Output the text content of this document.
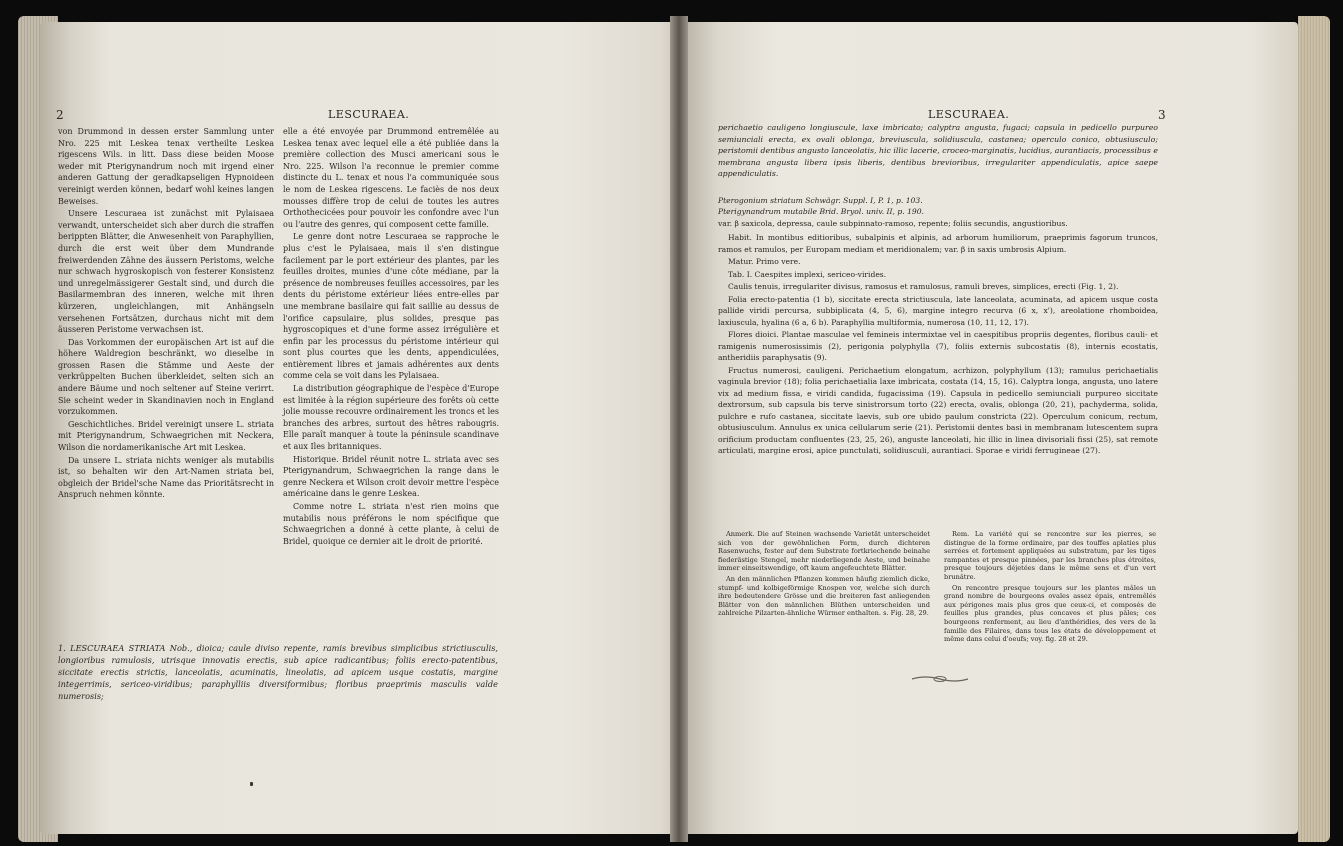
2	LESCURAEA.

von Drummond in dessen erster Sammlung unter Nro. 225 mit Leskea tenax vertheilte Leskea rigescens Wils. in litt. Dass diese beiden Moose weder mit Pterigynandrum noch mit irgend einer anderen Gattung der geradkapseligen Hypnoideen vereinigt werden können, bedarf wohl keines langen Beweises.

Unsere Lescuraea ist zunächst mit Pylaisaea verwandt, unterscheidet sich aber durch die straffen berippten Blätter, die Anwesenheit von Paraphyllien, durch die erst weit über dem Mundrande freiwerdenden Zähne des äussern Peristoms, welche nur schwach hygroskopisch von festerer Konsistenz und unregelmässigerer Gestalt sind, und durch die Basilarmembran des inneren, welche mit ihren kürzeren, ungleichlangen, mit Anhängseln versehenen Fortsätzen, durchaus nicht mit dem äusseren Peristome verwachsen ist.

Das Vorkommen der europäischen Art ist auf die höhere Waldregion beschränkt, wo dieselbe in grossen Rasen die Stämme und Aeste der verkrüppelten Buchen überkleidet, selten sich an andere Bäume und noch seltener auf Steine verirrt. Sie scheint weder in Skandinavien noch in England vorzukommen.

Geschichtliches. Bridel vereinigt unsere L. striata mit Pterigynandrum, Schwaegrichen mit Neckera, Wilson die nordamerikanische Art mit Leskea.

Da unsere L. striata nichts weniger als mutabilis ist, so behalten wir den Art-Namen striata bei, obgleich der Bridel'sche Name das Prioritätsrecht in Anspruch nehmen könnte.

elle a été envoyée par Drummond entremêlée au Leskea tenax avec lequel elle a été publiée dans la première collection des Musci americani sous le Nro. 225. Wilson l'a reconnue le premier comme distincte du L. tenax et nous l'a communiquée sous le nom de Leskea rigescens. Le faciès de nos deux mousses diffère trop de celui de toutes les autres Orthothecicées pour pouvoir les confondre avec l'un ou l'autre des genres, qui composent cette famille.

Le genre dont notre Lescuraea se rapproche le plus c'est le Pylaisaea, mais il s'en distingue facilement par le port extérieur des plantes, par les feuilles droites, munies d'une côte médiane, par la présence de nombreuses feuilles accessoires, par les dents du péristome extérieur liées entre-elles par une membrane basilaire qui fait saillie au dessus de l'orifice capsulaire, plus solides, presque pas hygroscopiques et d'une forme assez irrégulière et enfin par les processus du péristome intérieur qui sont plus courtes que les dents, appendiculées, entièrement libres et jamais adhérentes aux dents comme cela se voit dans les Pylaisaea.

La distribution géographique de l'espèce d'Europe est limitée à la région supérieure des forêts où cette jolie mousse recouvre ordinairement les troncs et les branches des arbres, surtout des hêtres rabougris. Elle paraît manquer à toute la péninsule scandinave et aux Iles britanniques.

Historique. Bridel réunit notre L. striata avec ses Pterigynandrum, Schwaegrichen la range dans le genre Neckera et Wilson croit devoir mettre l'espèce américaine dans le genre Leskea.

Comme notre L. striata n'est rien moins que mutabilis nous préférons le nom spécifique que Schwaegrichen a donné à cette plante, à celui de Bridel, quoique ce dernier ait le droit de priorité.

1. LESCURAEA STRIATA Nob., dioica; caule diviso repente, ramis brevibus simplicibus strictiusculis, longioribus ramulosis, utrisque innovatis erectis, sub apice radicantibus; foliis erecto-patentibus, siccitate erectis strictis, lanceolatis, acuminatis, lineolatis, ad apicem usque costatis, margine integerrimis, sericeo-viridibus; paraphylliis diversiformibus; floribus praeprimis masculis valde numerosis;
LESCURAEA.	3
perichaetio cauligeno longiuscule, laxe imbricato; calyptra angusta, fugaci; capsula in pedicello purpureo semiunciali erecta, ex ovali oblonga, breviuscula, solidiuscula, castanea; operculo conico, obtusiusculo; peristomii dentibus angusto lanceolatis, hic illic lacerie, croceo-marginatis, lucidius, aurantiacis, processibus e membrana angusta libera ipsis liberis, dentibus brevioribus, irregulariter appendiculatis, apice saepe appendiculatis.
Pterogonium striatum Schwägr. Suppl. I, P. 1, p. 103.
Pterigynandrum mutabile Brid. Bryol. univ. II, p. 190.
var. β saxicola, depressa, caule subpinnato-ramoso, repente; foliis secundis, angustioribus.

Habit. In montibus editioribus, subalpinis et alpinis, ad arborum humiliorum, praeprimis fagorum truncos, ramos et ramulos, per Europam mediam et meridionalem; var. β in saxis umbrosis Alpium.

Matur. Primo vere.

Tab. I. Caespites implexi, sericeo-virides.

Caulis tenuis, irregulariter divisus, ramosus et ramulosus, ramuli breves, simplices, erecti (Fig. 1, 2).

Folia erecto-patentia (1 b), siccitate erecta strictiuscula, late lanceolata, acuminata, ad apicem usque costa pallide viridi percursa, subbiplicata (4, 5, 6), margine integro recurva (6 x, x'), areolatione rhomboidea, laxiuscula, hyalina (6 a, 6 b). Paraphyllia multiformia, numerosa (10, 11, 12, 17).

Flores dioici. Plantae masculae vel femineis intermixtae vel in caespitibus propriis degentes, floribus cauli- et ramigenis numerosissimis (2), perigonia polyphylla (7), foliis externis subcostatis (8), internis ecostatis, antheridiis paraphysatis (9).

Fructus numerosi, cauligeni. Perichaetium elongatum, acrhizon, polyphyllum (13); ramulus perichaetialis vaginula brevior (18); folia perichaetialia laxe imbricata, costata (14, 15, 16). Calyptra longa, angusta, uno latere vix ad medium fissa, e viridi candida, fugacissima (19). Capsula in pedicello semiunciali purpureo siccitate dextrorsum, sub capsula bis terve sinistrorsum torto (22) erecta, ovalis, oblonga (20, 21), pachyderma, solida, pulchre e rufo castanea, siccitate laevis, sub ore ubido paulum constricta (22). Operculum conicum, rectum, obtusiusculum. Annulus ex unica cellularum serie (21). Peristomii dentes basi in membranam lutescentem supra orificium productam confluentes (23, 25, 26), anguste lanceolati, hic illic in linea divisoriali fissi (25), sat remote articulati, margine erosi, apice punctulati, solidiusculi, aurantiaci. Sporae e viridi ferrugineae (27).

Anmerk. Die auf Steinen wachsende Varietät unterscheidet sich von der gewöhnlichen Form, durch dichteren Rasenwuchs, fester auf dem Substrate fortkriechende beinahe fiederästige Stengel, mehr niederliegende Aeste, und beinahe immer einseitswendige, oft kaum angefeuchtete Blätter.

An den männlichen Pflanzen kommen häufig ziemlich dicke, stumpf- und kolbigeförmige Knospen vor, welche sich durch ihre bedeutendere Grösse und die breiteren fast anliegenden Blätter von den männlichen Blüthen unterscheiden und zahlreiche Pilzarten-ähnliche Würmer enthalten. s. Fig. 28, 29.

Rem. La variété qui se rencontre sur les pierres, se distingue de la forme ordinaire, par des touffes aplaties plus serrées et fortement appliquées au substratum, par les tiges rampantes et presque pinnées, par les branches plus étroites, presque toujours déjetées dans le même sens et d'un vert brunâtre.

On rencontre presque toujours sur les plantes mâles un grand nombre de bourgeons ovales assez épais, entremêlés aux périgones mais plus gros que ceux-ci, et composés de feuilles plus grandes, plus concaves et plus pâles; ces bourgeons renferment, au lieu d'anthéridies, des vers de la famille des Filaires, dans tous les états de développement et même dans celui d'oeufs; voy. fig. 28 et 29.
